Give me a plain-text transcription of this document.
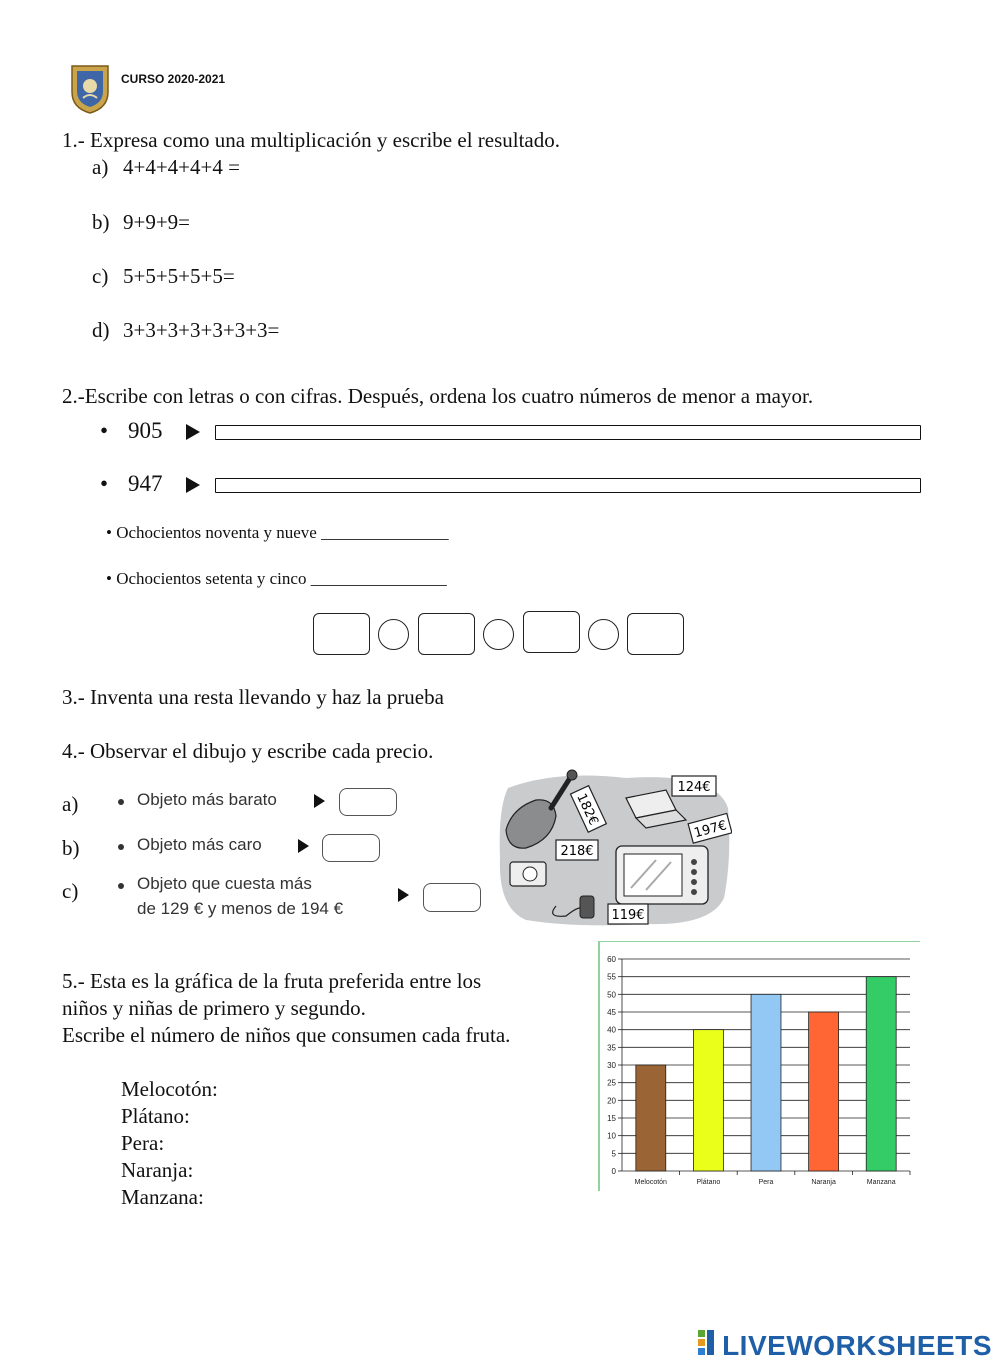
CURSO 2020-2021
1.- Expresa como una multiplicación y escribe el resultado.
a) 4+4+4+4+4 =
b) 9+9+9=
c) 5+5+5+5+5=
d) 3+3+3+3+3+3+3=
2.-Escribe con letras o con cifras. Después, ordena los cuatro números de menor a mayor.
• 905
• 947
• Ochocientos noventa y nueve _______________
• Ochocientos setenta y cinco ________________
3.- Inventa una resta llevando y haz la prueba
4.- Observar el dibujo y escribe cada precio.
a)	Objeto más barato
b)	Objeto más caro
c)	Objeto que cuesta más
de 129 € y menos de 194 €
182€
124€
197€
218€
119€
5.- Esta es la gráfica de la fruta preferida entre los
niños y niñas de primero y segundo.
Escribe el número de niños que consumen cada fruta.
Melocotón:
Plátano:
Pera:
Naranja:
Manzana:
0
5
10
15
20
25
30
35
40
45
50
55
60
Melocotón	Plátano	Pera	Naranja	Manzana
LIVEWORKSHEETS
